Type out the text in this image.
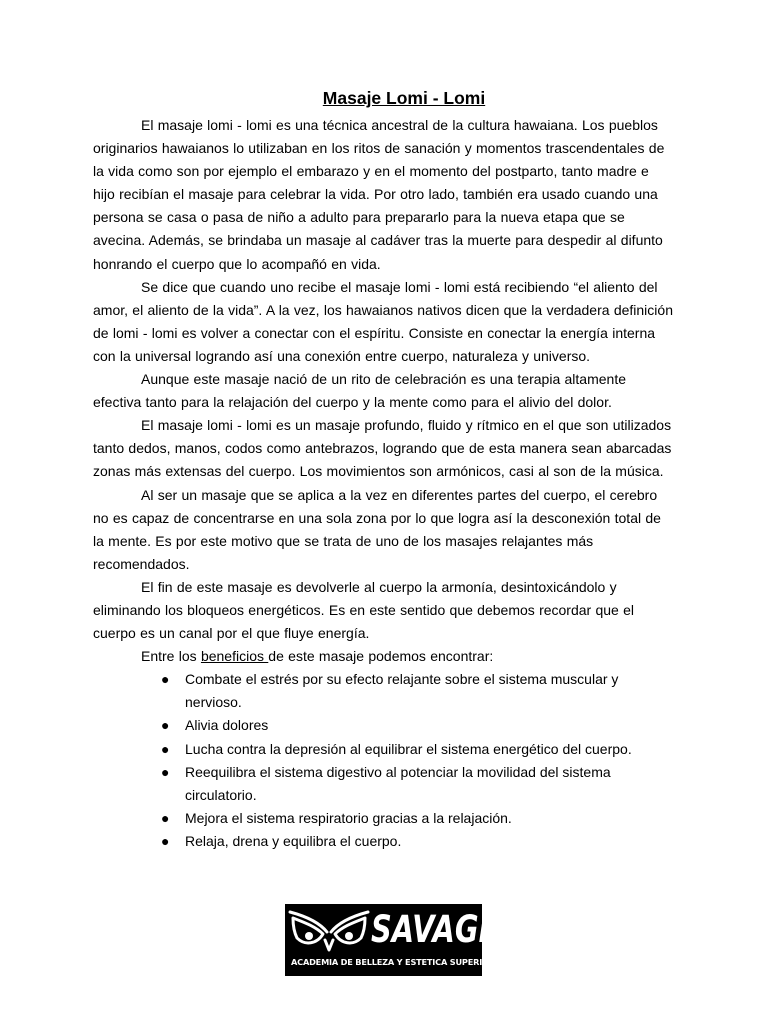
Masaje Lomi - Lomi

El masaje lomi - lomi es una técnica ancestral de la cultura hawaiana. Los pueblos originarios hawaianos lo utilizaban en los ritos de sanación y momentos trascendentales de la vida como son por ejemplo el embarazo y en el momento del postparto, tanto madre e hijo recibían el masaje para celebrar la vida. Por otro lado, también era usado cuando una persona se casa o pasa de niño a adulto para prepararlo para la nueva etapa que se avecina. Además, se brindaba un masaje al cadáver tras la muerte para despedir al difunto honrando el cuerpo que lo acompañó en vida.

Se dice que cuando uno recibe el masaje lomi - lomi está recibiendo “el aliento del amor, el aliento de la vida”. A la vez, los hawaianos nativos dicen que la verdadera definición de lomi - lomi es volver a conectar con el espíritu. Consiste en conectar la energía interna con la universal logrando así una conexión entre cuerpo, naturaleza y universo.

Aunque este masaje nació de un rito de celebración es una terapia altamente efectiva tanto para la relajación del cuerpo y la mente como para el alivio del dolor.

El masaje lomi - lomi es un masaje profundo, fluido y rítmico en el que son utilizados tanto dedos, manos, codos como antebrazos, logrando que de esta manera sean abarcadas zonas más extensas del cuerpo. Los movimientos son armónicos, casi al son de la música.

Al ser un masaje que se aplica a la vez en diferentes partes del cuerpo, el cerebro no es capaz de concentrarse en una sola zona por lo que logra así la desconexión total de la mente. Es por este motivo que se trata de uno de los masajes relajantes más recomendados.

El fin de este masaje es devolverle al cuerpo la armonía, desintoxicándolo y eliminando los bloqueos energéticos. Es en este sentido que debemos recordar que el cuerpo es un canal por el que fluye energía.

Entre los beneficios de este masaje podemos encontrar:

● Combate el estrés por su efecto relajante sobre el sistema muscular y nervioso.
● Alivia dolores
● Lucha contra la depresión al equilibrar el sistema energético del cuerpo.
● Reequilibra el sistema digestivo al potenciar la movilidad del sistema circulatorio.
● Mejora el sistema respiratorio gracias a la relajación.
● Relaja, drena y equilibra el cuerpo.
SAVAGE
ACADEMIA DE BELLEZA Y ESTETICA SUPERIOR
